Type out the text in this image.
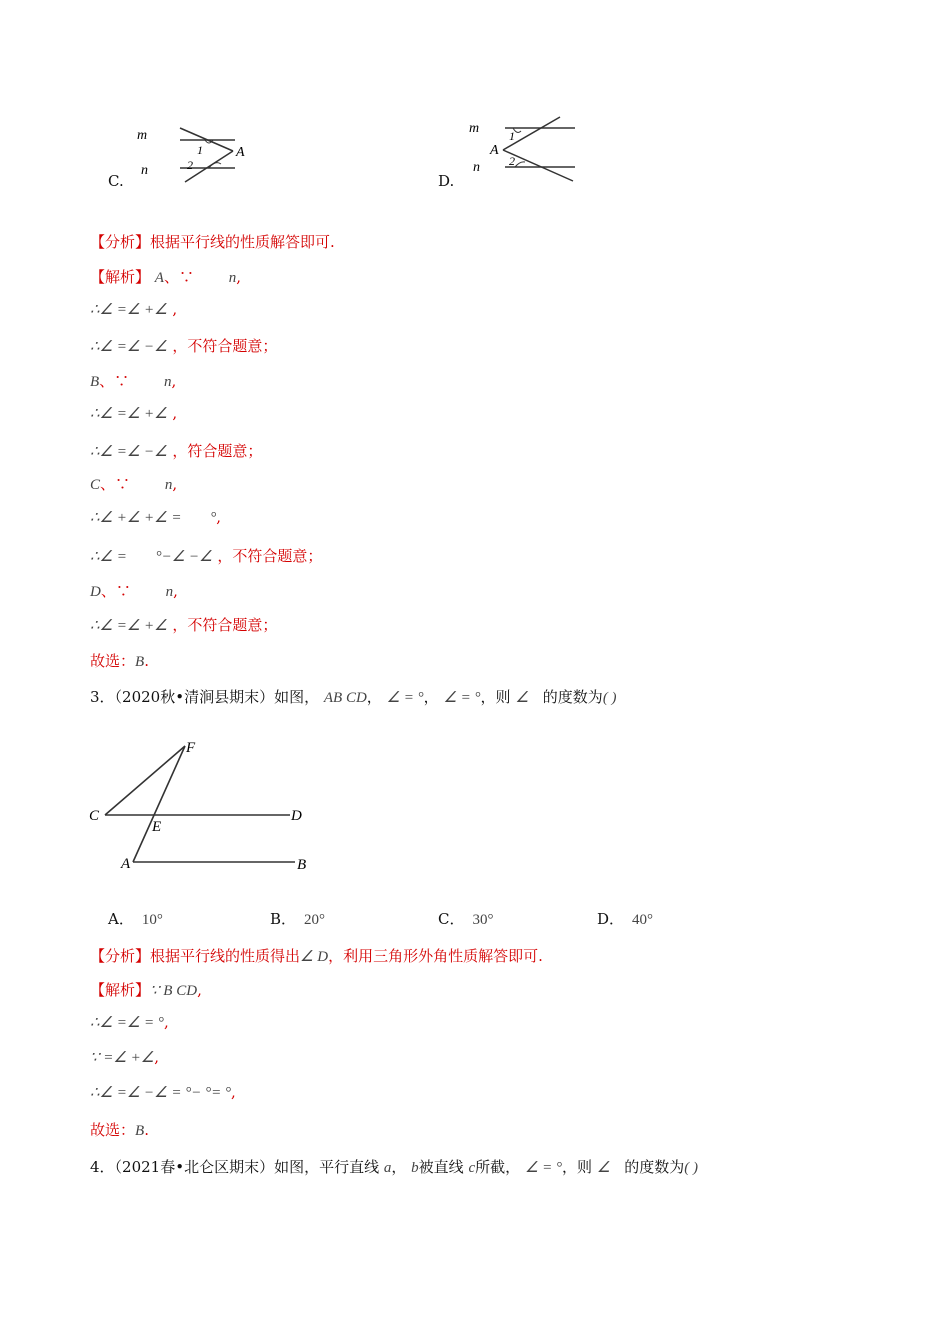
m
n
1
2
A
C.
m
n
1
2
A
D.
【分析】根据平行线的性质解答即可.
【解析】 A、∵ n,
∴∠ =∠ +∠ ,
∴∠ =∠ −∠ ，不符合题意；
B、∵ n,
∴∠ =∠ +∠ ,
∴∠ =∠ −∠ ，符合题意；
C、∵ n,
∴∠ +∠ +∠ = °,
∴∠ = °−∠ −∠ ，不符合题意；
D、∵ n,
∴∠ =∠ +∠ ，不符合题意；
故选：B.
3．（2020秋•清涧县期末）如图， AB CD， ∠ = °， ∠ = °，则 ∠ 的度数为( )
F
C
E
D
A	B
A． 10°	B． 20°	C． 30°	D． 40°
【分析】根据平行线的性质得出∠ D，利用三角形外角性质解答即可.
【解析】∵ B CD,
∴∠ =∠ = °,
∵ =∠ +∠,
∴∠ =∠ −∠ = °− °= °,
故选：B.
4．（2021春•北仑区期末）如图，平行直线 a， b被直线 c所截， ∠ = °，则 ∠ 的度数为( )
